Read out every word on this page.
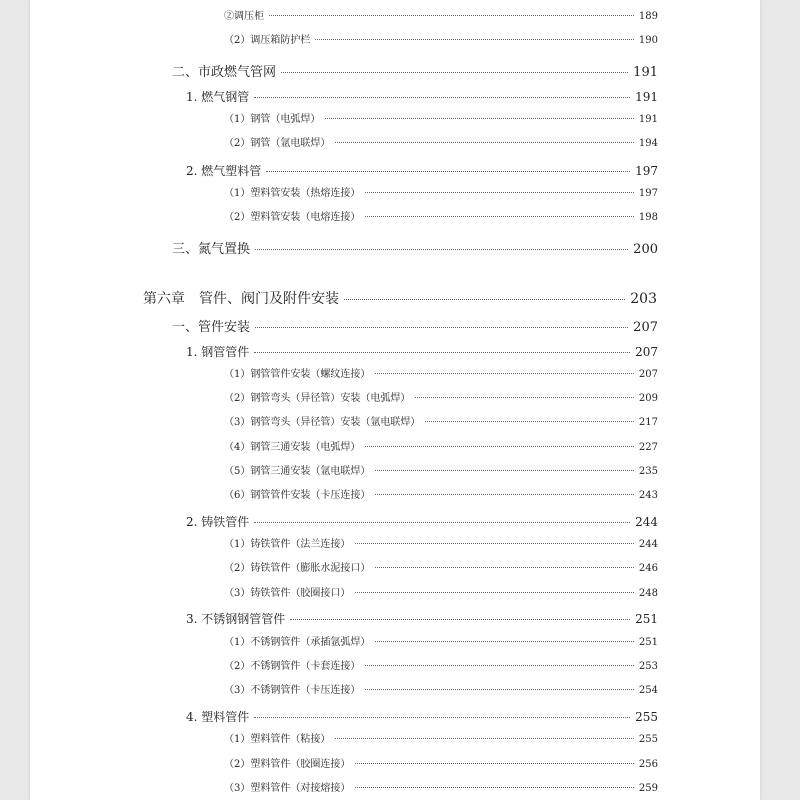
②调压柜	189
（2）调压箱防护栏	190
二、市政燃气管网	191
1. 燃气钢管	191
（1）钢管（电弧焊）	191
（2）钢管（氩电联焊）	194
2. 燃气塑料管	197
（1）塑料管安装（热熔连接）	197
（2）塑料管安装（电熔连接）	198
三、氮气置换	200
第六章 管件、阀门及附件安装	203
一、管件安装	207
1. 钢管管件	207
（1）钢管管件安装（螺纹连接）	207
（2）钢管弯头（异径管）安装（电弧焊）	209
（3）钢管弯头（异径管）安装（氩电联焊）	217
（4）钢管三通安装（电弧焊）	227
（5）钢管三通安装（氩电联焊）	235
（6）钢管管件安装（卡压连接）	243
2. 铸铁管件	244
（1）铸铁管件（法兰连接）	244
（2）铸铁管件（膨胀水泥接口）	246
（3）铸铁管件（胶圈接口）	248
3. 不锈钢钢管管件	251
（1）不锈钢管件（承插氩弧焊）	251
（2）不锈钢管件（卡套连接）	253
（3）不锈钢管件（卡压连接）	254
4. 塑料管件	255
（1）塑料管件（粘接）	255
（2）塑料管件（胶圈连接）	256
（3）塑料管件（对接熔接）	259
